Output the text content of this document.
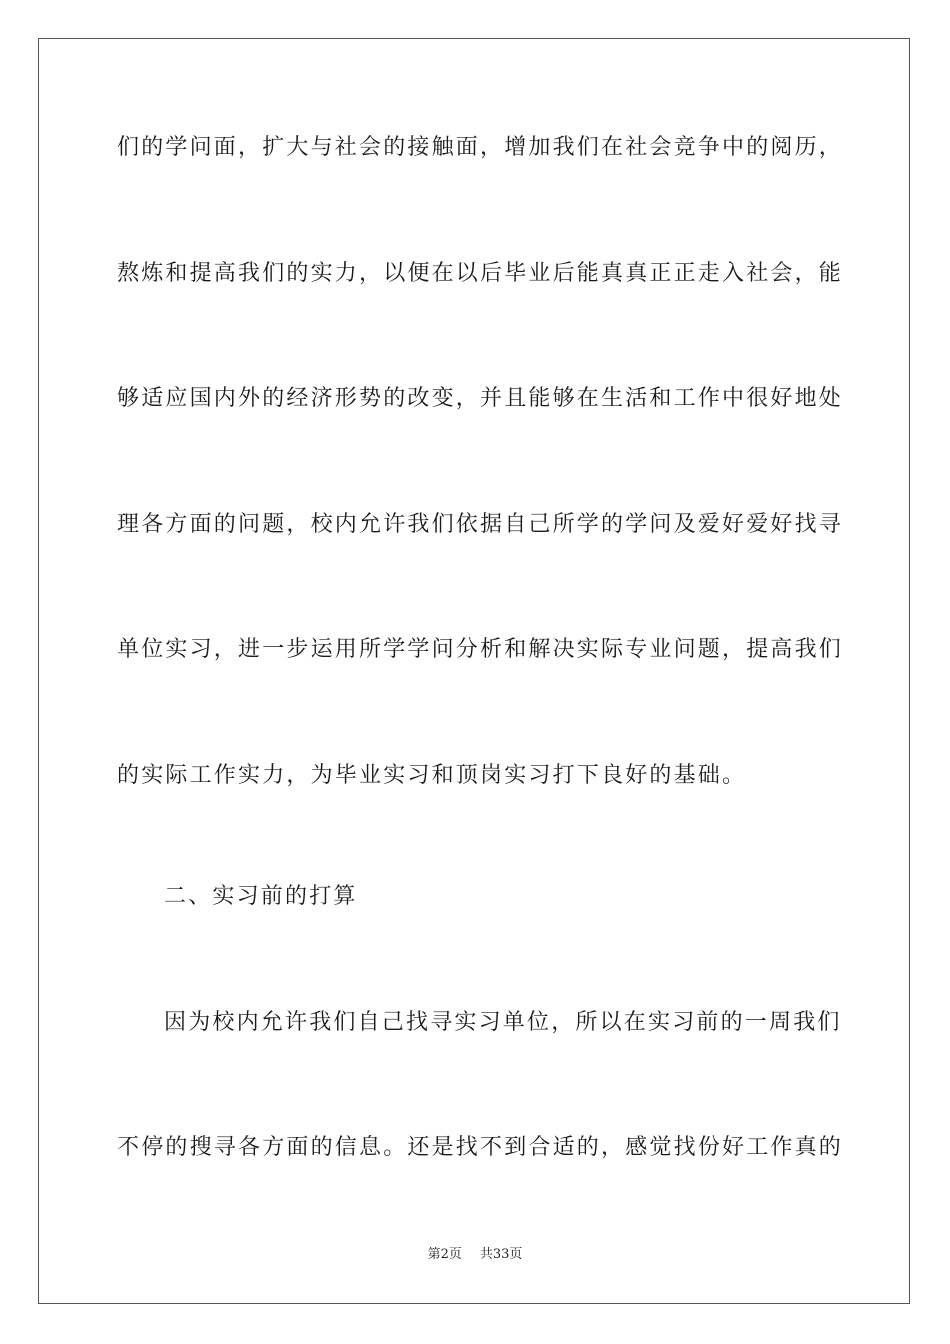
们的学问面，扩大与社会的接触面，增加我们在社会竞争中的阅历，
熬炼和提高我们的实力，以便在以后毕业后能真真正正走入社会，能
够适应国内外的经济形势的改变，并且能够在生活和工作中很好地处
理各方面的问题，校内允许我们依据自己所学的学问及爱好爱好找寻
单位实习，进一步运用所学学问分析和解决实际专业问题，提高我们
的实际工作实力，为毕业实习和顶岗实习打下良好的基础。
二、实习前的打算
因为校内允许我们自己找寻实习单位，所以在实习前的一周我们
不停的搜寻各方面的信息。还是找不到合适的，感觉找份好工作真的
第2页 共33页
